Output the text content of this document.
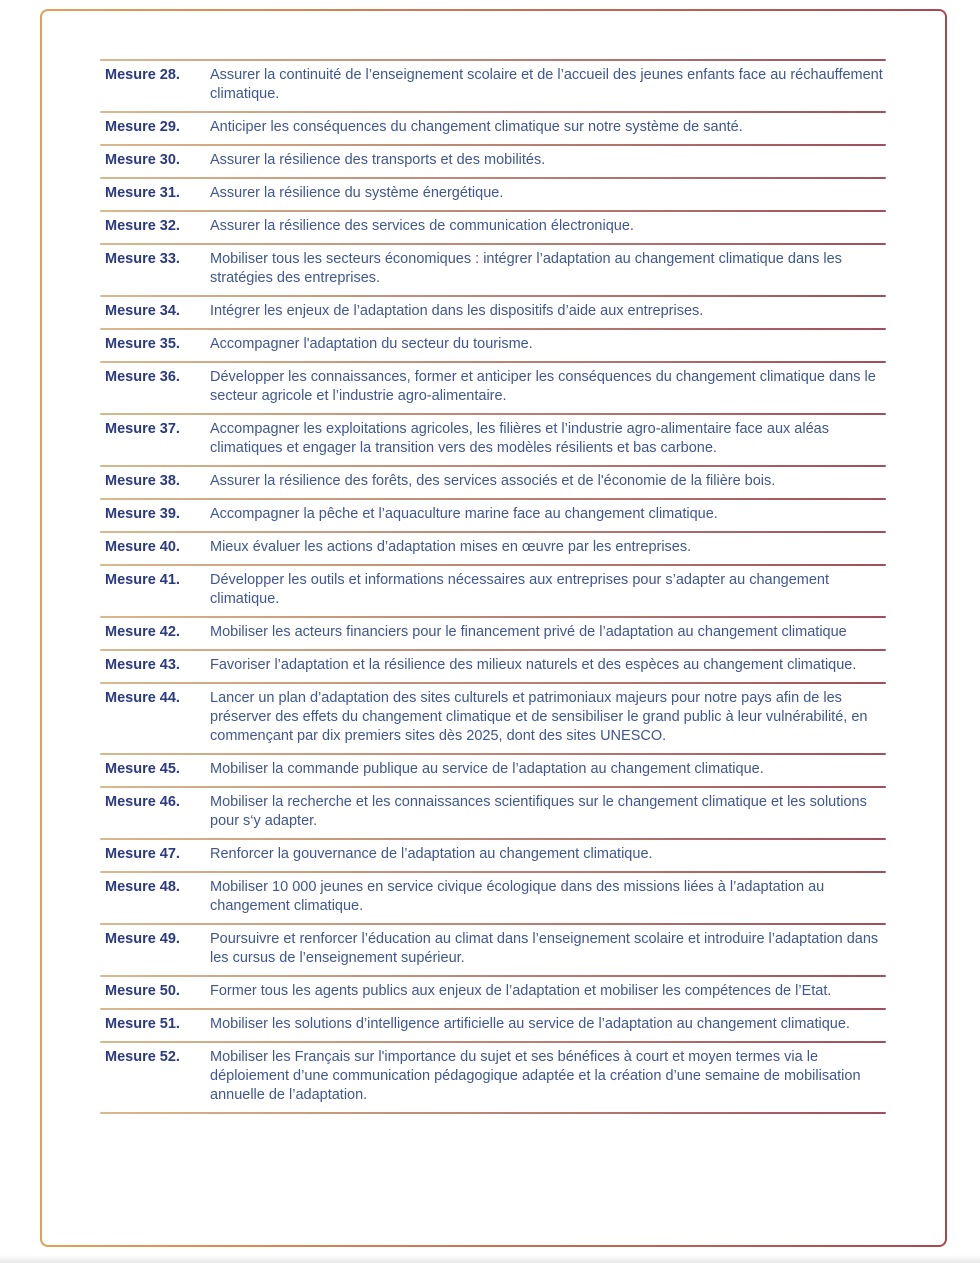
Mesure 28.	Assurer la continuité de l’enseignement scolaire et de l’accueil des jeunes enfants face au réchauffement climatique.
Mesure 29.	Anticiper les conséquences du changement climatique sur notre système de santé.
Mesure 30.	Assurer la résilience des transports et des mobilités.
Mesure 31.	Assurer la résilience du système énergétique.
Mesure 32.	Assurer la résilience des services de communication électronique.
Mesure 33.	Mobiliser tous les secteurs économiques : intégrer l’adaptation au changement climatique dans les stratégies des entreprises.
Mesure 34.	Intégrer les enjeux de l’adaptation dans les dispositifs d’aide aux entreprises.
Mesure 35.	Accompagner l'adaptation du secteur du tourisme.
Mesure 36.	Développer les connaissances, former et anticiper les conséquences du changement climatique dans le secteur agricole et l’industrie agro-alimentaire.
Mesure 37.	Accompagner les exploitations agricoles, les filières et l’industrie agro-alimentaire face aux aléas climatiques et engager la transition vers des modèles résilients et bas carbone.
Mesure 38.	Assurer la résilience des forêts, des services associés et de l'économie de la filière bois.
Mesure 39.	Accompagner la pêche et l’aquaculture marine face au changement climatique.
Mesure 40.	Mieux évaluer les actions d’adaptation mises en œuvre par les entreprises.
Mesure 41.	Développer les outils et informations nécessaires aux entreprises pour s’adapter au changement climatique.
Mesure 42.	Mobiliser les acteurs financiers pour le financement privé de l’adaptation au changement climatique
Mesure 43.	Favoriser l’adaptation et la résilience des milieux naturels et des espèces au changement climatique.
Mesure 44.	Lancer un plan d’adaptation des sites culturels et patrimoniaux majeurs pour notre pays afin de les préserver des effets du changement climatique et de sensibiliser le grand public à leur vulnérabilité, en commençant par dix premiers sites dès 2025, dont des sites UNESCO.
Mesure 45.	Mobiliser la commande publique au service de l’adaptation au changement climatique.
Mesure 46.	Mobiliser la recherche et les connaissances scientifiques sur le changement climatique et les solutions pour s‘y adapter.
Mesure 47.	Renforcer la gouvernance de l’adaptation au changement climatique.
Mesure 48.	Mobiliser 10 000 jeunes en service civique écologique dans des missions liées à l’adaptation au changement climatique.
Mesure 49.	Poursuivre et renforcer l’éducation au climat dans l’enseignement scolaire et introduire l’adaptation dans les cursus de l’enseignement supérieur.
Mesure 50.	Former tous les agents publics aux enjeux de l’adaptation et mobiliser les compétences de l’Etat.
Mesure 51.	Mobiliser les solutions d’intelligence artificielle au service de l’adaptation au changement climatique.
Mesure 52.	Mobiliser les Français sur l'importance du sujet et ses bénéfices à court et moyen termes via le déploiement d’une communication pédagogique adaptée et la création d’une semaine de mobilisation annuelle de l’adaptation.
